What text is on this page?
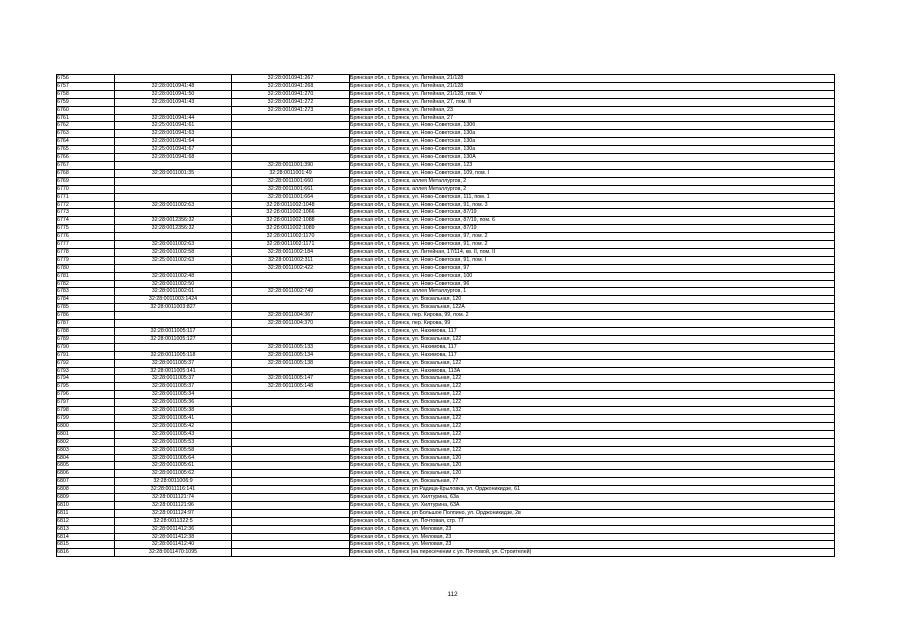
6756		32:28:0010941:267	Брянская обл., г. Брянск, ул. Литейная, 21/128
6757	32:28:0010941:48	32:28:0010941:268	Брянская обл., г. Брянск, ул. Литейная, 21/128
6758	32:28:0010941:50	32:28:0010941:270	Брянская обл., г. Брянск, ул. Литейная, 21/128, пом. V
6759	32:28:0010941:43	32:28:0010941:272	Брянская обл., г. Брянск, ул. Литейная, 27, пом. II
6760		32:28:0010941:273	Брянская обл., г. Брянск, ул. Литейная, 23
6761	32:28:0010941:44		Брянская обл., г. Брянск, ул. Литейная, 27
6762	32:25:0010941:61		Брянская обл., г. Брянск, ул. Ново-Советская, 130б
6763	32:28:0010941:63		Брянская обл., г. Брянск, ул. Ново-Советская, 130а
6764	32:28:0010941:64		Брянская обл., г. Брянск, ул. Ново-Советская, 130а
6765	32:25:0010941:67		Брянская обл., г. Брянск, ул. Ново-Советская, 130а
6766	32:28:0010941:68		Брянская обл., г. Брянск, ул. Ново-Советская, 130А
6767		32:28:0011001:390	Брянская обл., г. Брянск, ул. Ново-Советская, 123
6768	32:28:0011001:35	32:28:0011001:49	Брянская обл., г. Брянск, ул. Ново-Советская, 109, пом. I
6769		32:28:0011001:660	Брянская обл., г. Брянск, аллея Металлургов, 2
6770		32:28:0011001:661	Брянская обл., г. Брянск, аллея Металлургов, 2
6771		32:28:0011001:664	Брянская обл., г. Брянск, ул. Ново-Советская, 111, пом. 1
6772	32:28:0011002:63	32:28:0011002:1048	Брянская обл., г. Брянск, ул. Ново-Советская, 91, пом. 3
6773		32:28:0011002:1066	Брянская обл., г. Брянск, ул. Ново-Советская, 87/19
6774	32:28:0012356:32	32:28:0011002:1088	Брянская обл., г. Брянск, ул. Ново-Советская, 87/19, пом. 6
6775	32:28:0012356:32	32:28:0011002:1089	Брянская обл., г. Брянск, ул. Ново-Советская, 87/19
6776		32:28:0011002:1170	Брянская обл., г. Брянск, ул. Ново-Советская, 97, пом. 2
6777	32:28:0011002:63	32:28:0011002:1171	Брянская обл., г. Брянск, ул. Ново-Советская, 91, пом. 2
6778	32:28:0011002:58	32:28:0011002:184	Брянская обл., г. Брянск, ул. Литейная, 17/114, кв. II, пом. II
6779	32:25:0011002:63	32:28:0011002:311	Брянская обл., г. Брянск, ул. Ново-Советская, 91, пом. I
6780		32:28:0011002:422	Брянская обл., г. Брянск, ул. Ново-Советская, 97
6781	32:28:0011002:48		Брянская обл., г. Брянск, ул. Ново-Советская, 100
6782	32:28:0011002:50		Брянская обл., г. Брянск, ул. Ново-Советская, 96
6783	32:28:0011002:61	32:28:0011002:749	Брянская обл., г. Брянск, аллея Металлургов, 1
6784	32:28:0011003:1424		Брянская обл., г. Брянск, ул. Вокзальная, 120
6785	32:28:0011003:827		Брянская обл., г. Брянск, ул. Вокзальная, 122А
6786		32:28:0011004:367	Брянская обл., г. Брянск, пер. Кирова, 99, пом. 2
6787		32:28:0011004:370	Брянская обл., г. Брянск, пер. Кирова, 99
6788	32:28:0011005:117		Брянская обл., г. Брянск, ул. Нахимова, 117
6789	32:28:0011005:127		Брянская обл., г. Брянск, ул. Вокзальная, 122
6790		32:28:0011005:133	Брянская обл., г. Брянск, ул. Нахимова, 117
6791	32:28:0011005:118	32:28:0011005:134	Брянская обл., г. Брянск, ул. Нахимова, 117
6792	32:28:0011005:37	32:28:0011005:138	Брянская обл., г. Брянск, ул. Вокзальная, 122
6793	32:28:0011005:141		Брянская обл., г. Брянск, ул. Нахимова, 113А
6794	32:28:0011005:37	32:28:0011005:147	Брянская обл., г. Брянск, ул. Вокзальная, 122
6795	32:28:0011005:37	32:28:0011005:148	Брянская обл., г. Брянск, ул. Вокзальная, 122
6796	32:28:0011005:34		Брянская обл., г. Брянск, ул. Вокзальная, 122
6797	32:28:0011005:36		Брянская обл., г. Брянск, ул. Вокзальная, 122
6798	32:28:0011005:38		Брянская обл., г. Брянск, ул. Вокзальная, 132
6799	32:28:0011005:41		Брянская обл., г. Брянск, ул. Вокзальная, 122
6800	32:28:0011005:42		Брянская обл., г. Брянск, ул. Вокзальная, 122
6801	32:28:0011005:43		Брянская обл., г. Брянск, ул. Вокзальная, 122
6802	32:28:0011005:53		Брянская обл., г. Брянск, ул. Вокзальная, 122
6803	32:28:0011005:58		Брянская обл., г. Брянск, ул. Вокзальная, 122
6804	32:28:0011005:64		Брянская обл., г. Брянск, ул. Вокзальная, 120
6805	32:28:0011005:61		Брянская обл., г. Брянск, ул. Вокзальная, 120
6806	32:28:0011005:62		Брянская обл., г. Брянск, ул. Вокзальная, 120
6807	32:28:0011006:9		Брянская обл., г. Брянск, ул. Вокзальная, 77
6808	32:28:0011116:141		Брянская обл., г. Брянск, рп Радица-Крыловка, ул. Орджоникидзе, 61
6809	32:28:0011121:74		Брянская обл., г. Брянск, ул. Хилтурина, 63а
6810	32:28:0011121:96		Брянская обл., г. Брянск, ул. Хилтурина, 63А
6811	32:28:0011124:97		Брянская обл., г. Брянск, рп Большое Полпино, ул. Орджоникидзе, 2в
6812	32:28:0011322:5		Брянская обл., г. Брянск, ул. Почтовая, стр. 77
6813	32:28:0011412:36		Брянская обл., г. Брянск, ул. Меловая, 23
6814	32:28:0011412:38		Брянская обл., г. Брянск, ул. Меловая, 23
6815	32:28:0011412:40		Брянская обл., г. Брянск, ул. Меловая, 23
6816	32:28:0011470:1095		Брянская обл., г. Брянск (на пересечении с ул. Почтовой, ул. Строителей)
112
